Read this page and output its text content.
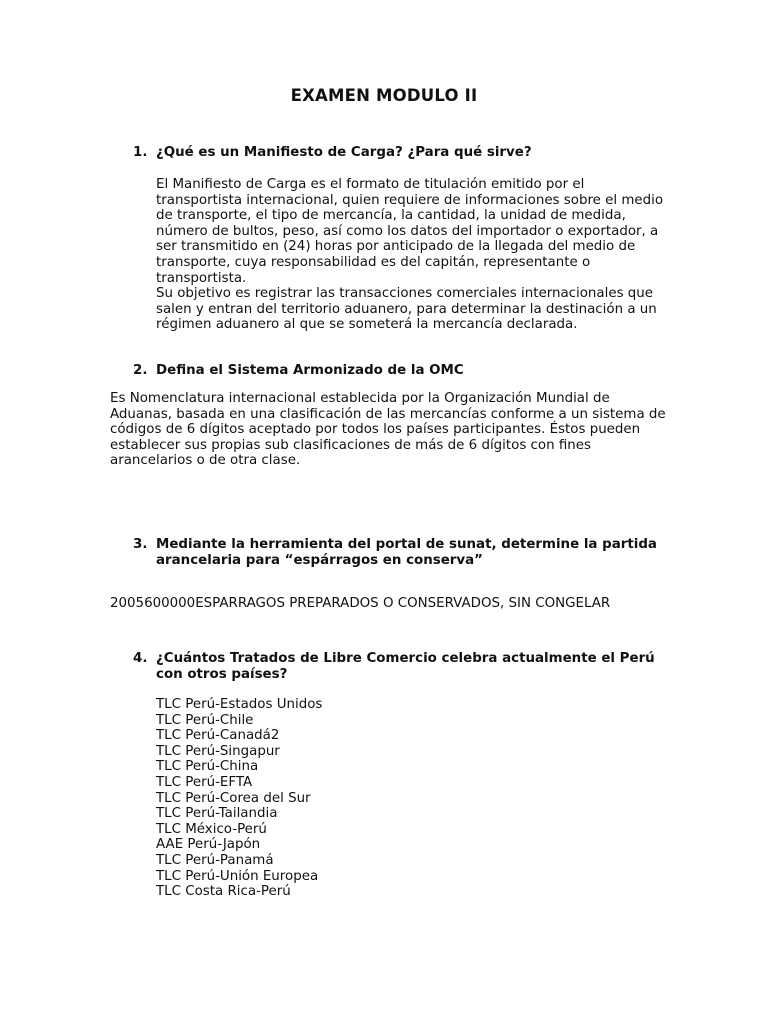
EXAMEN MODULO II
1. ¿Qué es un Manifiesto de Carga? ¿Para qué sirve?
El Manifiesto de Carga es el formato de titulación emitido por el transportista internacional, quien requiere de informaciones sobre el medio de transporte, el tipo de mercancía, la cantidad, la unidad de medida, número de bultos, peso, así como los datos del importador o exportador, a ser transmitido en (24) horas por anticipado de la llegada del medio de transporte, cuya responsabilidad es del capitán, representante o transportista.
Su objetivo es registrar las transacciones comerciales internacionales que salen y entran del territorio aduanero, para determinar la destinación a un régimen aduanero al que se someterá la mercancía declarada.
2. Defina el Sistema Armonizado de la OMC
Es Nomenclatura internacional establecida por la Organización Mundial de Aduanas, basada en una clasificación de las mercancías conforme a un sistema de códigos de 6 dígitos aceptado por todos los países participantes. Éstos pueden establecer sus propias sub clasificaciones de más de 6 dígitos con fines arancelarios o de otra clase.
3. Mediante la herramienta del portal de sunat, determine la partida arancelaria para “espárragos en conserva”
2005600000ESPARRAGOS PREPARADOS O CONSERVADOS, SIN CONGELAR
4. ¿Cuántos Tratados de Libre Comercio celebra actualmente el Perú con otros países?
TLC Perú-Estados Unidos
TLC Perú-Chile
TLC Perú-Canadá2
TLC Perú-Singapur
TLC Perú-China
TLC Perú-EFTA
TLC Perú-Corea del Sur
TLC Perú-Tailandia
TLC México-Perú
AAE Perú-Japón
TLC Perú-Panamá
TLC Perú-Unión Europea
TLC Costa Rica-Perú
